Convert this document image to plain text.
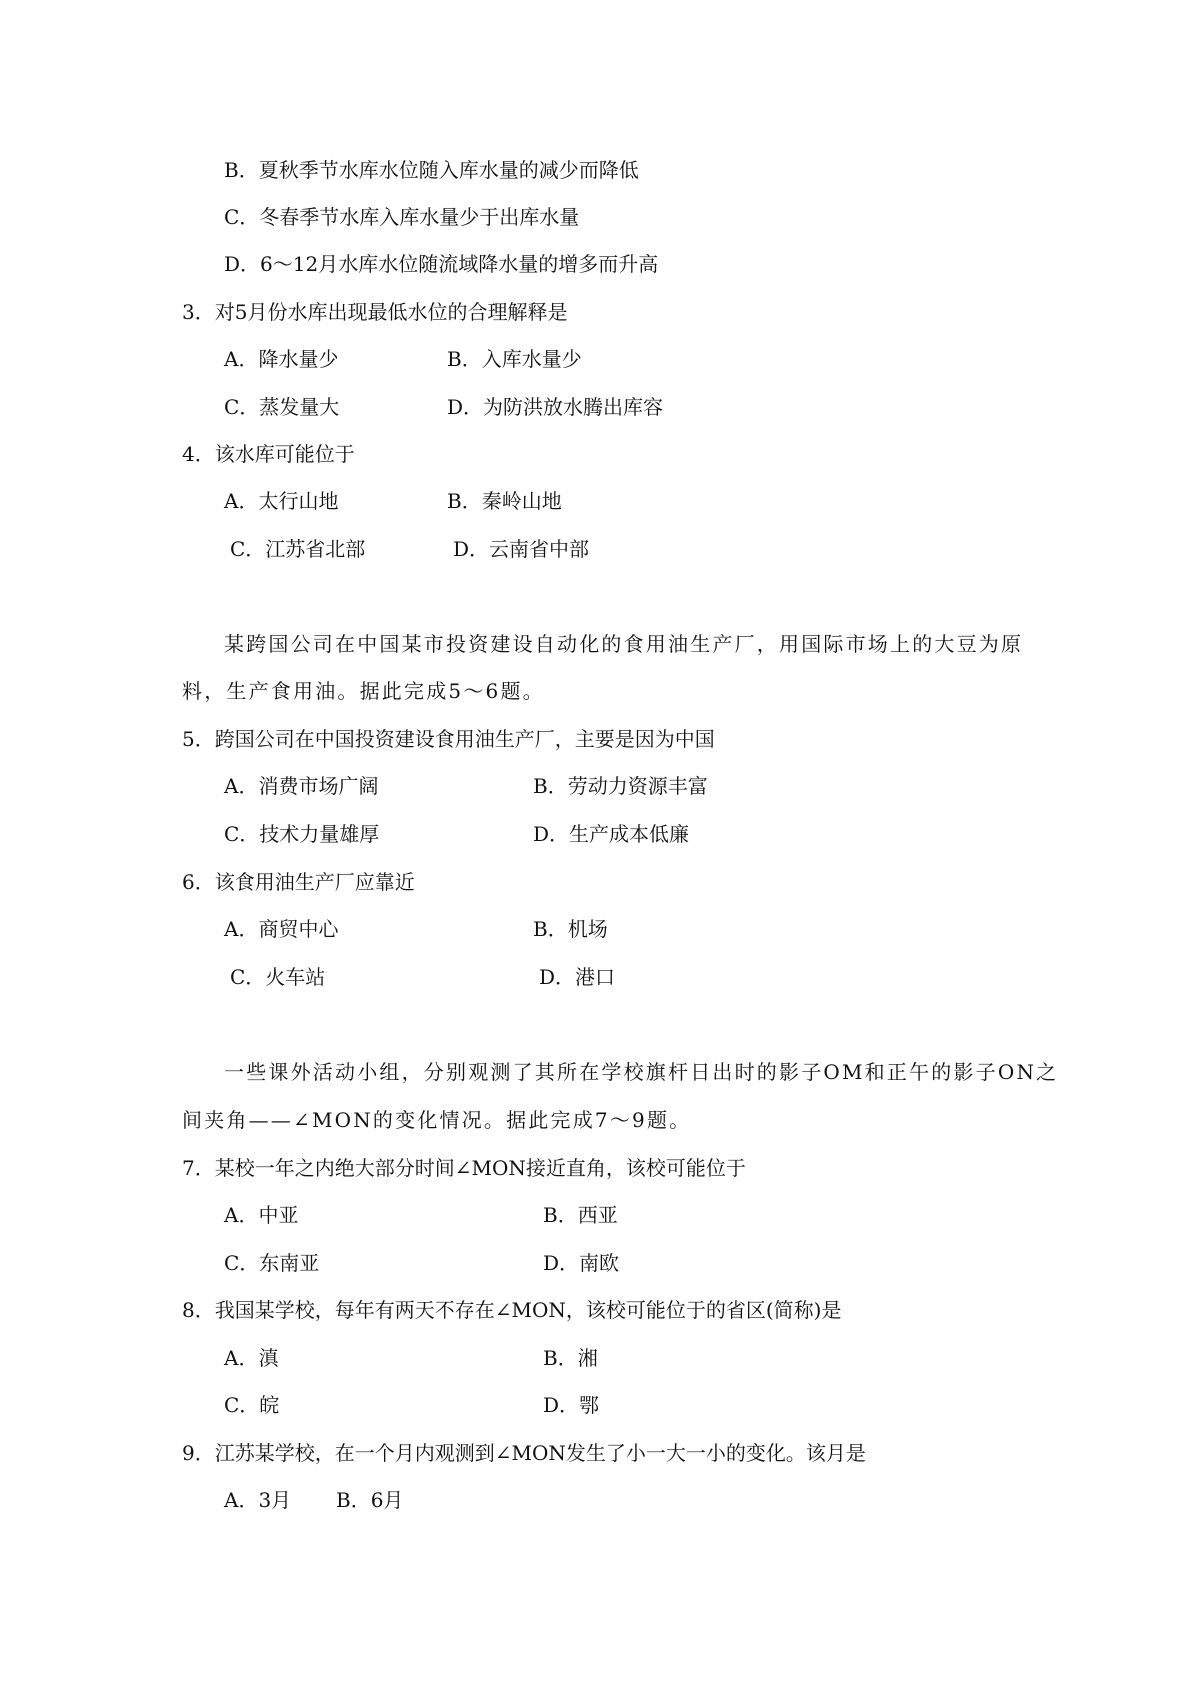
B．夏秋季节水库水位随入库水量的减少而降低
C．冬春季节水库入库水量少于出库水量
D．6～12月水库水位随流域降水量的增多而升高
3．对5月份水库出现最低水位的合理解释是
A．降水量少	B．入库水量少
C．蒸发量大	D．为防洪放水腾出库容
4．该水库可能位于
A．太行山地	B．秦岭山地
C．江苏省北部	D．云南省中部
某跨国公司在中国某市投资建设自动化的食用油生产厂，用国际市场上的大豆为原
料，生产食用油。据此完成5～6题。
5．跨国公司在中国投资建设食用油生产厂，主要是因为中国
A．消费市场广阔	B．劳动力资源丰富
C．技术力量雄厚	D．生产成本低廉
6．该食用油生产厂应靠近
A．商贸中心	B．机场
C．火车站	D．港口
一些课外活动小组，分别观测了其所在学校旗杆日出时的影子OM和正午的影子ON之
间夹角——∠MON的变化情况。据此完成7～9题。
7．某校一年之内绝大部分时间∠MON接近直角，该校可能位于
A．中亚	B．西亚
C．东南亚	D．南欧
8．我国某学校，每年有两天不存在∠MON，该校可能位于的省区(简称)是
A．滇	B．湘
C．皖	D．鄂
9．江苏某学校，在一个月内观测到∠MON发生了小一大一小的变化。该月是
A．3月 B．6月
